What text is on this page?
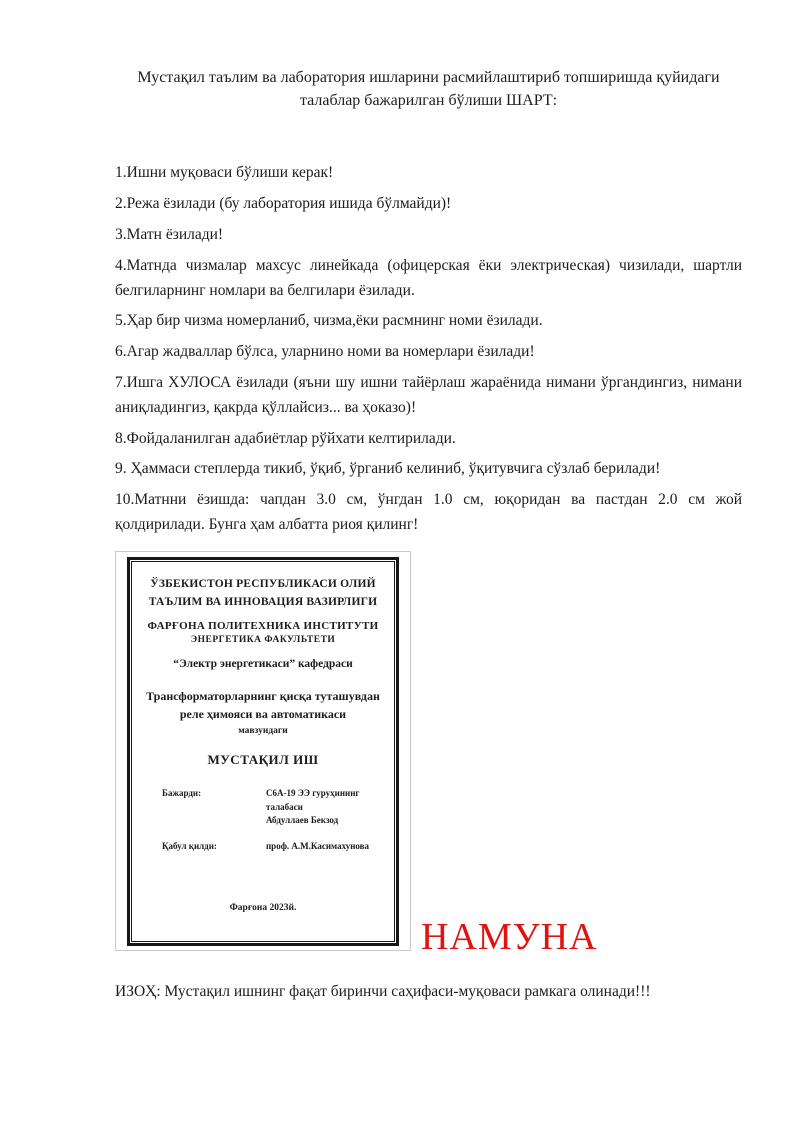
Мустақил таълим ва лаборатория ишларини расмийлаштириб топширишда қуйидаги
талаблар бажарилган бўлиши ШАРТ:

1.Ишни муқоваси бўлиши керак!

2.Режа ёзилади (бу лаборатория ишида бўлмайди)!

3.Матн ёзилади!

4.Матнда чизмалар махсус линейкада (офицерская ёки электрическая) чизилади, шартли белгиларнинг номлари ва белгилари ёзилади.

5.Ҳар бир чизма номерланиб, чизма,ёки расмнинг номи ёзилади.

6.Агар жадваллар бўлса, уларнино номи ва номерлари ёзилади!

7.Ишга ХУЛОСА ёзилади (яъни шу ишни тайёрлаш жараёнида нимани ўргандингиз, нимани аниқладингиз, қакрда қўллайсиз... ва ҳоказо)!

8.Фойдаланилган адабиётлар рўйхати келтирилади.

9. Ҳаммаси степлерда тикиб, ўқиб, ўрганиб келиниб, ўқитувчига сўзлаб берилади!

10.Матнни ёзишда: чапдан 3.0 см, ўнгдан 1.0 см, юқоридан ва пастдан 2.0 см жой қолдирилади. Бунга ҳам албатта риоя қилинг!

ЎЗБЕКИСТОН РЕСПУБЛИКАСИ ОЛИЙ
ТАЪЛИМ ВА ИННОВАЦИЯ ВАЗИРЛИГИ
ФАРҒОНА ПОЛИТЕХНИКА ИНСТИТУТИ
ЭНЕРГЕТИКА ФАКУЛЬТЕТИ
“Электр энергетикаси” кафедраси
Трансформаторларнинг қисқа туташувдан
реле ҳимояси ва автоматикаси
мавзуидаги
МУСТАҚИЛ ИШ
Бажарди:	С6А-19 ЭЭ гуруҳининг талабаси
Абдуллаев Бекзод
Қабул қилди:	проф. А.М.Касимахунова
Фарғона 2023й.
НАМУНА

ИЗОҲ: Мустақил ишнинг фақат биринчи саҳифаси-муқоваси рамкага олинади!!!
